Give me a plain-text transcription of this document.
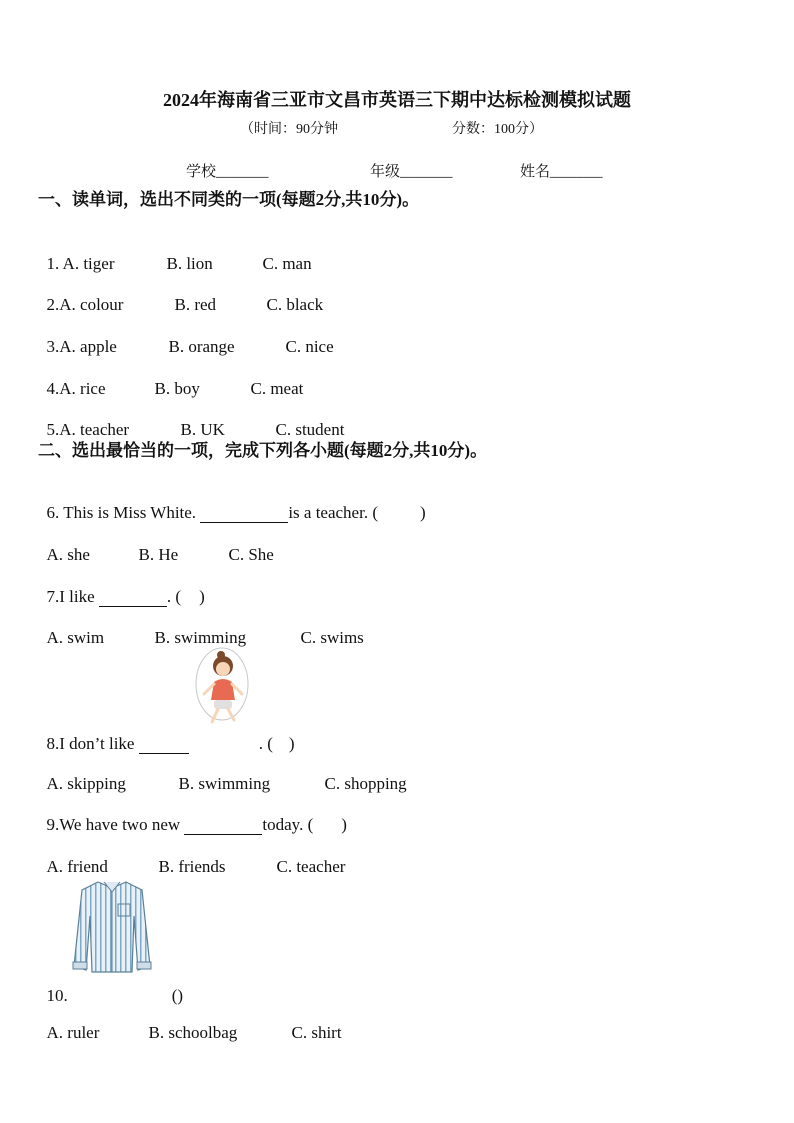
2024年海南省三亚市文昌市英语三下期中达标检测模拟试题
（时间：90分钟	分数：100分）
学校_______	年级_______	姓名_______
一、读单词，选出不同类的一项(每题2分,共10分)。

1. A. tiger	B. lion	C. man

2.A. colour	B. red	C. black

3.A. apple	B. orange	C. nice

4.A. rice	B. boy	C. meat

5.A. teacher	B. UK	C. student

二、选出最恰当的一项，完成下列各小题(每题2分,共10分)。

6. This is Miss White.	is a teacher. ( )

A. she	B. He	C. She

7.I like	. ( )

A. swim	B. swimming	C. swims

8.I don’t like	. ( )

A. skipping	B. swimming	C. shopping

9.We have two new	today. ( )

A. friend	B. friends	C. teacher

10.	()

A. ruler	B. schoolbag	C. shirt
